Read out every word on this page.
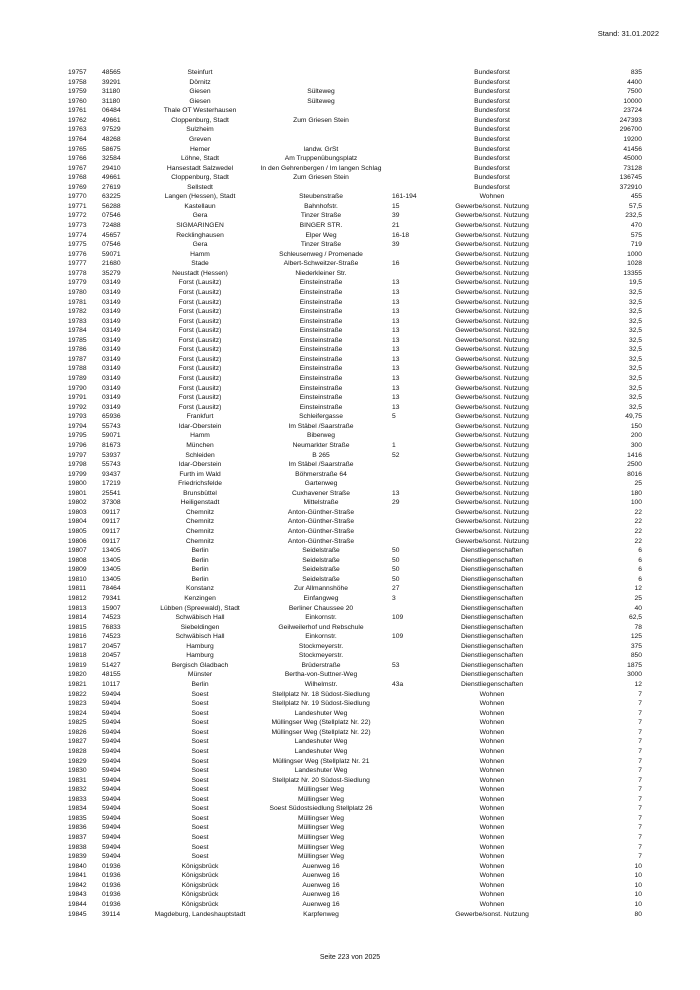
Stand: 31.01.2022
19757	48565	Steinfurt			Bundesforst	835
19758	39291	Dörnitz			Bundesforst	4400
19759	31180	Giesen	Sülteweg		Bundesforst	7500
19760	31180	Giesen	Sülteweg		Bundesforst	10000
19761	06484	Thale OT Westerhausen			Bundesforst	23724
19762	49661	Cloppenburg, Stadt	Zum Griesen Stein		Bundesforst	247393
19763	97529	Sulzheim			Bundesforst	296700
19764	48268	Greven			Bundesforst	19200
19765	58675	Hemer	landw. GrSt		Bundesforst	41456
19766	32584	Löhne, Stadt	Am Truppenübungsplatz		Bundesforst	45000
19767	29410	Hansestadt Salzwedel	In den Gehrenbergen / Im langen Schlag		Bundesforst	73128
19768	49661	Cloppenburg, Stadt	Zum Griesen Stein		Bundesforst	136745
19769	27619	Sellstedt			Bundesforst	372910
19770	63225	Langen (Hessen), Stadt	Steubenstraße	161-194	Wohnen	455
19771	56288	Kastellaun	Bahnhofstr.	15	Gewerbe/sonst. Nutzung	57,5
19772	07546	Gera	Tinzer Straße	39	Gewerbe/sonst. Nutzung	232,5
19773	72488	SIGMARINGEN	BINGER STR.	21	Gewerbe/sonst. Nutzung	470
19774	45657	Recklinghausen	Elper Weg	16-18	Gewerbe/sonst. Nutzung	575
19775	07546	Gera	Tinzer Straße	39	Gewerbe/sonst. Nutzung	719
19776	59071	Hamm	Schleusenweg / Promenade		Gewerbe/sonst. Nutzung	1000
19777	21680	Stade	Albert-Schweitzer-Straße	16	Gewerbe/sonst. Nutzung	1028
19778	35279	Neustadt (Hessen)	Niederkleiner Str.		Gewerbe/sonst. Nutzung	13355
19779	03149	Forst (Lausitz)	Einsteinstraße	13	Gewerbe/sonst. Nutzung	19,5
19780	03149	Forst (Lausitz)	Einsteinstraße	13	Gewerbe/sonst. Nutzung	32,5
19781	03149	Forst (Lausitz)	Einsteinstraße	13	Gewerbe/sonst. Nutzung	32,5
19782	03149	Forst (Lausitz)	Einsteinstraße	13	Gewerbe/sonst. Nutzung	32,5
19783	03149	Forst (Lausitz)	Einsteinstraße	13	Gewerbe/sonst. Nutzung	32,5
19784	03149	Forst (Lausitz)	Einsteinstraße	13	Gewerbe/sonst. Nutzung	32,5
19785	03149	Forst (Lausitz)	Einsteinstraße	13	Gewerbe/sonst. Nutzung	32,5
19786	03149	Forst (Lausitz)	Einsteinstraße	13	Gewerbe/sonst. Nutzung	32,5
19787	03149	Forst (Lausitz)	Einsteinstraße	13	Gewerbe/sonst. Nutzung	32,5
19788	03149	Forst (Lausitz)	Einsteinstraße	13	Gewerbe/sonst. Nutzung	32,5
19789	03149	Forst (Lausitz)	Einsteinstraße	13	Gewerbe/sonst. Nutzung	32,5
19790	03149	Forst (Lausitz)	Einsteinstraße	13	Gewerbe/sonst. Nutzung	32,5
19791	03149	Forst (Lausitz)	Einsteinstraße	13	Gewerbe/sonst. Nutzung	32,5
19792	03149	Forst (Lausitz)	Einsteinstraße	13	Gewerbe/sonst. Nutzung	32,5
19793	65936	Frankfurt	Schleifergasse	5	Gewerbe/sonst. Nutzung	49,75
19794	55743	Idar-Oberstein	Im Stäbel /Saarstraße		Gewerbe/sonst. Nutzung	150
19795	59071	Hamm	Biberweg		Gewerbe/sonst. Nutzung	200
19796	81673	München	Neumarkter Straße	1	Gewerbe/sonst. Nutzung	300
19797	53937	Schleiden	B 265	52	Gewerbe/sonst. Nutzung	1416
19798	55743	Idar-Oberstein	Im Stäbel /Saarstraße		Gewerbe/sonst. Nutzung	2500
19799	93437	Furth im Wald	Böhmerstraße 64		Gewerbe/sonst. Nutzung	8016
19800	17219	Friedrichsfelde	Gartenweg		Gewerbe/sonst. Nutzung	25
19801	25541	Brunsbüttel	Cuxhavener Straße	13	Gewerbe/sonst. Nutzung	180
19802	37308	Heiligenstadt	Mittelstraße	29	Gewerbe/sonst. Nutzung	100
19803	09117	Chemnitz	Anton-Günther-Straße		Gewerbe/sonst. Nutzung	22
19804	09117	Chemnitz	Anton-Günther-Straße		Gewerbe/sonst. Nutzung	22
19805	09117	Chemnitz	Anton-Günther-Straße		Gewerbe/sonst. Nutzung	22
19806	09117	Chemnitz	Anton-Günther-Straße		Gewerbe/sonst. Nutzung	22
19807	13405	Berlin	Seidelstraße	50	Dienstliegenschaften	6
19808	13405	Berlin	Seidelstraße	50	Dienstliegenschaften	6
19809	13405	Berlin	Seidelstraße	50	Dienstliegenschaften	6
19810	13405	Berlin	Seidelstraße	50	Dienstliegenschaften	6
19811	78464	Konstanz	Zur Allmannshöhe	27	Dienstliegenschaften	12
19812	79341	Kenzingen	Einfangweg	3	Dienstliegenschaften	25
19813	15907	Lübben (Spreewald), Stadt	Berliner Chaussee 20		Dienstliegenschaften	40
19814	74523	Schwäbisch Hall	Einkornstr.	109	Dienstliegenschaften	62,5
19815	76833	Siebeldingen	Geilweilerhof und Rebschule		Dienstliegenschaften	78
19816	74523	Schwäbisch Hall	Einkornstr.	109	Dienstliegenschaften	125
19817	20457	Hamburg	Stockmeyerstr.		Dienstliegenschaften	375
19818	20457	Hamburg	Stockmeyerstr.		Dienstliegenschaften	850
19819	51427	Bergisch Gladbach	Brüderstraße	53	Dienstliegenschaften	1875
19820	48155	Münster	Bertha-von-Suttner-Weg		Dienstliegenschaften	3000
19821	10117	Berlin	Wilhelmstr.	43a	Dienstliegenschaften	12
19822	59494	Soest	Stellplatz Nr. 18 Südost-Siedlung		Wohnen	7
19823	59494	Soest	Stellplatz Nr. 19 Südost-Siedlung		Wohnen	7
19824	59494	Soest	Landeshuter Weg		Wohnen	7
19825	59494	Soest	Müllingser Weg (Stellplatz Nr. 22)		Wohnen	7
19826	59494	Soest	Müllingser Weg (Stellplatz Nr. 22)		Wohnen	7
19827	59494	Soest	Landeshuter Weg		Wohnen	7
19828	59494	Soest	Landeshuter Weg		Wohnen	7
19829	59494	Soest	Müllingser Weg (Stellplatz Nr. 21		Wohnen	7
19830	59494	Soest	Landeshuter Weg		Wohnen	7
19831	59494	Soest	Stellplatz Nr. 20 Südost-Siedlung		Wohnen	7
19832	59494	Soest	Müllingser Weg		Wohnen	7
19833	59494	Soest	Müllingser Weg		Wohnen	7
19834	59494	Soest	Soest Südostsiedlung Stellplatz 26		Wohnen	7
19835	59494	Soest	Müllingser Weg		Wohnen	7
19836	59494	Soest	Müllingser Weg		Wohnen	7
19837	59494	Soest	Müllingser Weg		Wohnen	7
19838	59494	Soest	Müllingser Weg		Wohnen	7
19839	59494	Soest	Müllingser Weg		Wohnen	7
19840	01936	Königsbrück	Auenweg 16		Wohnen	10
19841	01936	Königsbrück	Auenweg 16		Wohnen	10
19842	01936	Königsbrück	Auenweg 16		Wohnen	10
19843	01936	Königsbrück	Auenweg 16		Wohnen	10
19844	01936	Königsbrück	Auenweg 16		Wohnen	10
19845	39114	Magdeburg, Landeshauptstadt	Karpfenweg		Gewerbe/sonst. Nutzung	80
Seite 223 von 2025
